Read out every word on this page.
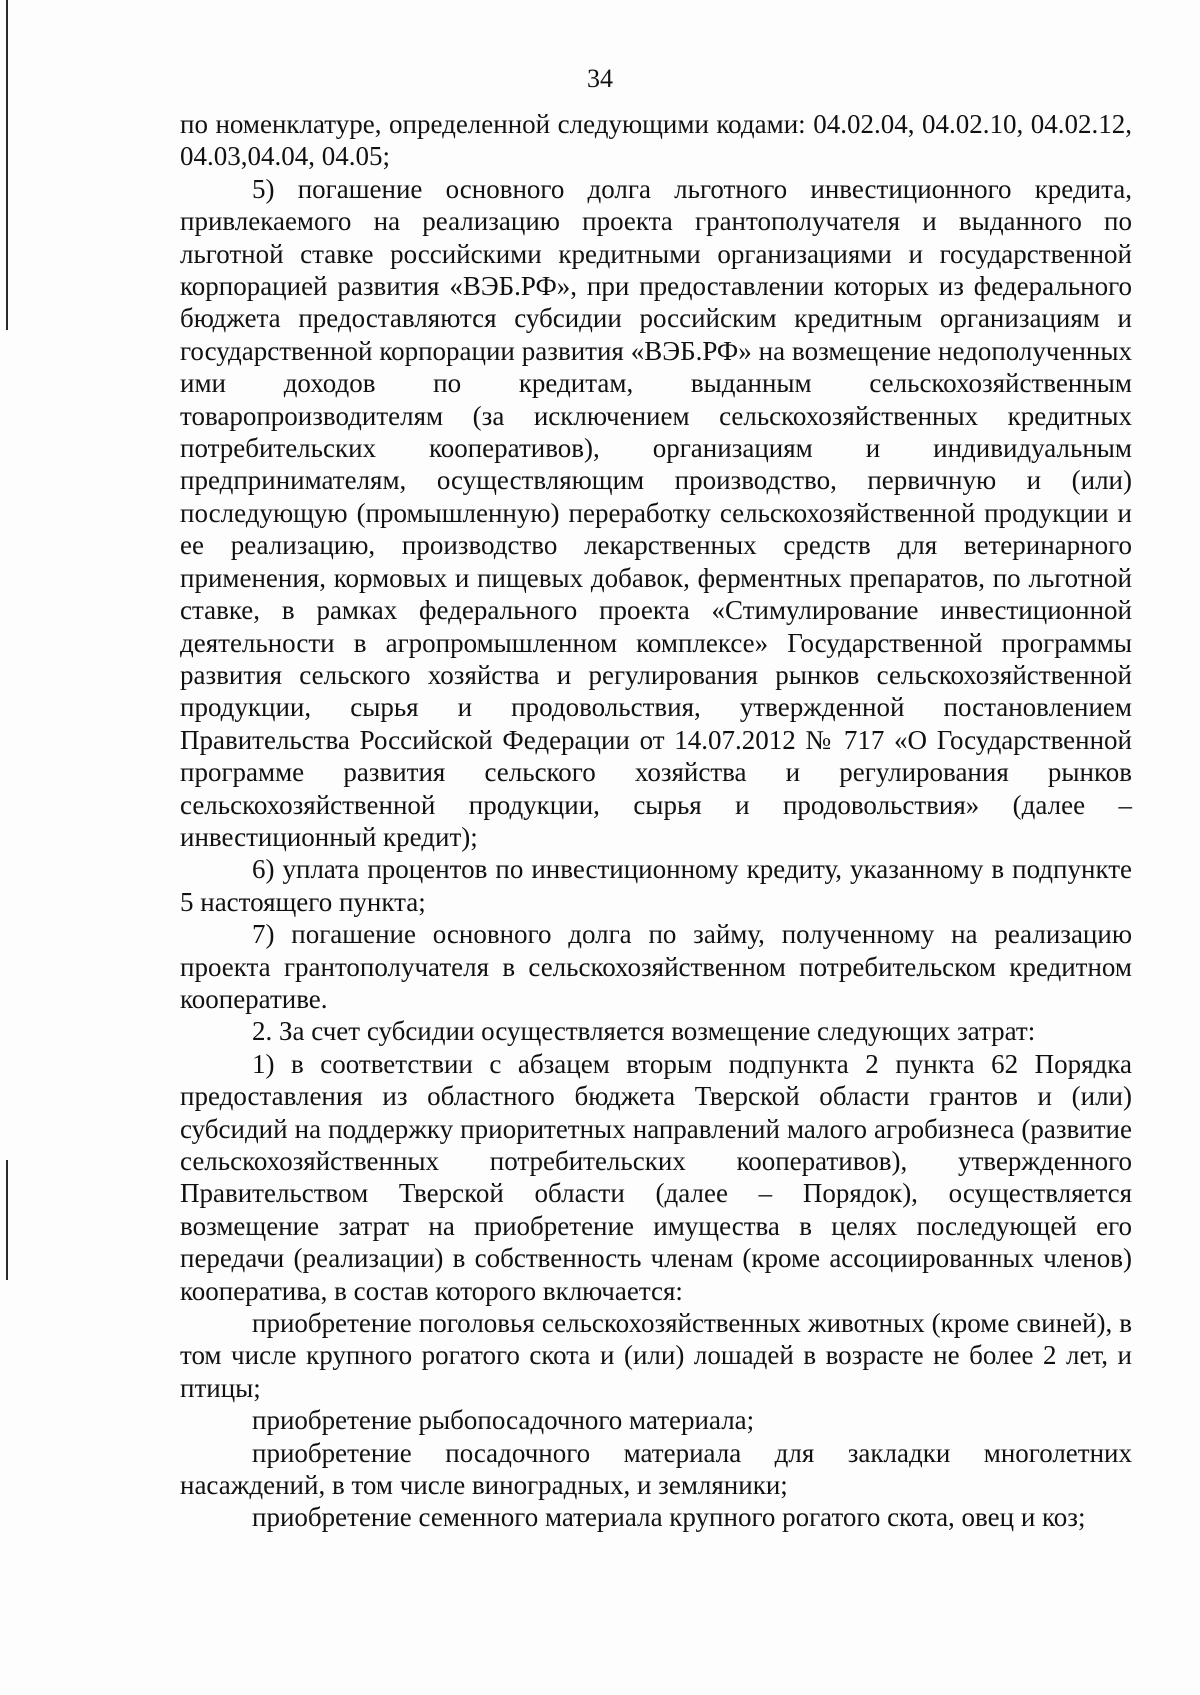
34

по номенклатуре, определенной следующими кодами: 04.02.04, 04.02.10, 04.02.12, 04.03,04.04, 04.05;

5) погашение основного долга льготного инвестиционного кредита, привлекаемого на реализацию проекта грантополучателя и выданного по льготной ставке российскими кредитными организациями и государственной корпорацией развития «ВЭБ.РФ», при предоставлении которых из федерального бюджета предоставляются субсидии российским кредитным организациям и государственной корпорации развития «ВЭБ.РФ» на возмещение недополученных ими доходов по кредитам, выданным сельскохозяйственным товаропроизводителям (за исключением сельскохозяйственных кредитных потребительских кооперативов), организациям и индивидуальным предпринимателям, осуществляющим производство, первичную и (или) последующую (промышленную) переработку сельскохозяйственной продукции и ее реализацию, производство лекарственных средств для ветеринарного применения, кормовых и пищевых добавок, ферментных препаратов, по льготной ставке, в рамках федерального проекта «Стимулирование инвестиционной деятельности в агропромышленном комплексе» Государственной программы развития сельского хозяйства и регулирования рынков сельскохозяйственной продукции, сырья и продовольствия, утвержденной постановлением Правительства Российской Федерации от 14.07.2012 № 717 «О Государственной программе развития сельского хозяйства и регулирования рынков сельскохозяйственной продукции, сырья и продовольствия» (далее – инвестиционный кредит);

6) уплата процентов по инвестиционному кредиту, указанному в подпункте 5 настоящего пункта;

7) погашение основного долга по займу, полученному на реализацию проекта грантополучателя в сельскохозяйственном потребительском кредитном кооперативе.

2. За счет субсидии осуществляется возмещение следующих затрат:

1) в соответствии с абзацем вторым подпункта 2 пункта 62 Порядка предоставления из областного бюджета Тверской области грантов и (или) субсидий на поддержку приоритетных направлений малого агробизнеса (развитие сельскохозяйственных потребительских кооперативов), утвержденного Правительством Тверской области (далее – Порядок), осуществляется возмещение затрат на приобретение имущества в целях последующей его передачи (реализации) в собственность членам (кроме ассоциированных членов) кооператива, в состав которого включается:

приобретение поголовья сельскохозяйственных животных (кроме свиней), в том числе крупного рогатого скота и (или) лошадей в возрасте не более 2 лет, и птицы;

приобретение рыбопосадочного материала;

приобретение посадочного материала для закладки многолетних насаждений, в том числе виноградных, и земляники;

приобретение семенного материала крупного рогатого скота, овец и коз;
